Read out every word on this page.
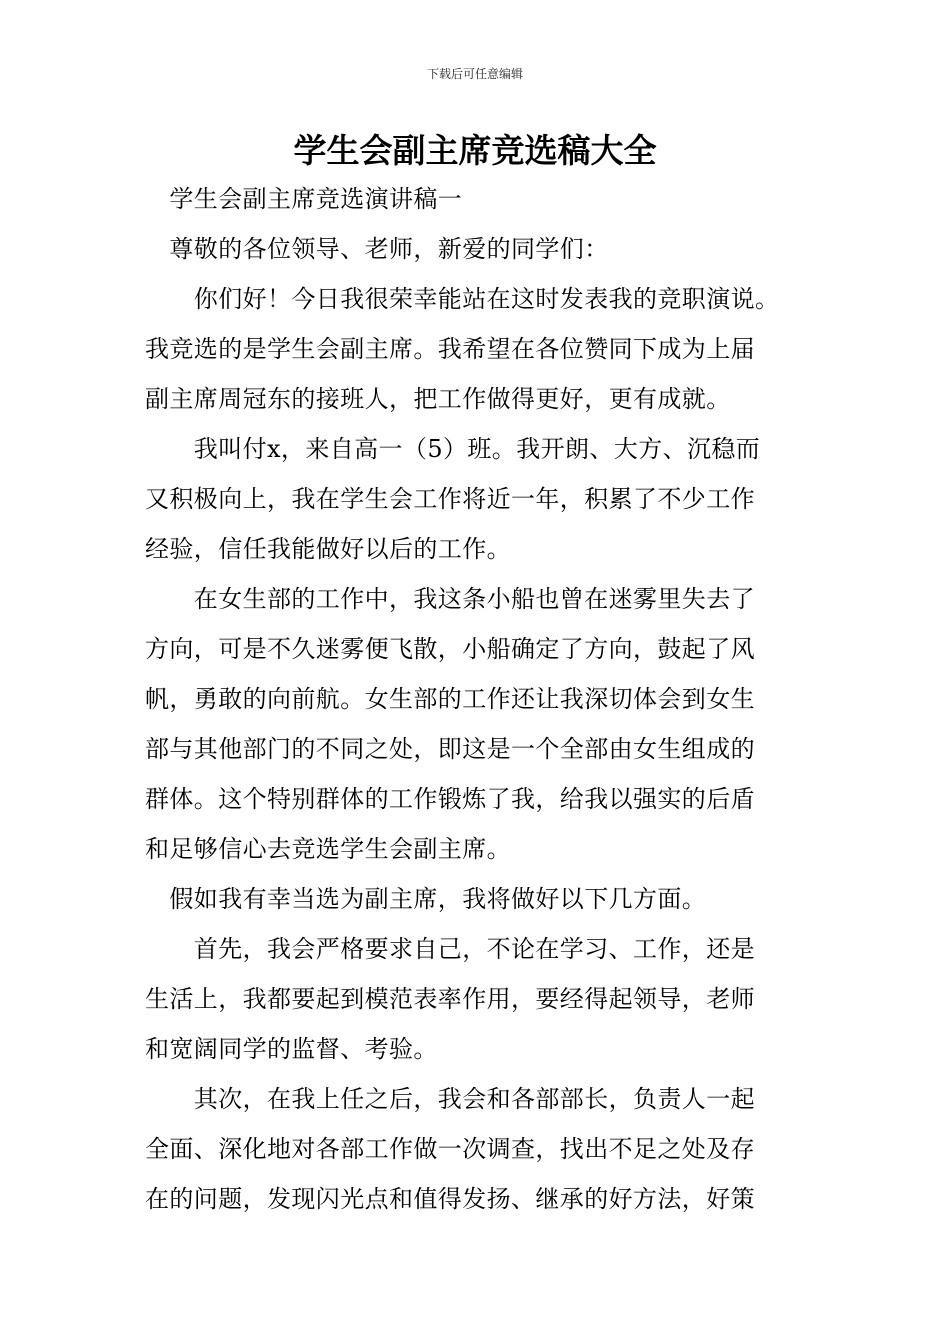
下载后可任意编辑
学生会副主席竞选稿大全
　学生会副主席竞选演讲稿一
　尊敬的各位领导、老师，新爱的同学们：
　　你们好！今日我很荣幸能站在这时发表我的竞职演说。
我竞选的是学生会副主席。我希望在各位赞同下成为上届
副主席周冠东的接班人，把工作做得更好，更有成就。
　　我叫付x，来自高一（5）班。我开朗、大方、沉稳而
又积极向上，我在学生会工作将近一年，积累了不少工作
经验，信任我能做好以后的工作。
　　在女生部的工作中，我这条小船也曾在迷雾里失去了
方向，可是不久迷雾便飞散，小船确定了方向，鼓起了风
帆，勇敢的向前航。女生部的工作还让我深切体会到女生
部与其他部门的不同之处，即这是一个全部由女生组成的
群体。这个特别群体的工作锻炼了我，给我以强实的后盾
和足够信心去竞选学生会副主席。
　假如我有幸当选为副主席，我将做好以下几方面。
　　首先，我会严格要求自己，不论在学习、工作，还是
生活上，我都要起到模范表率作用，要经得起领导，老师
和宽阔同学的监督、考验。
　　其次，在我上任之后，我会和各部部长，负责人一起
全面、深化地对各部工作做一次调查，找出不足之处及存
在的问题，发现闪光点和值得发扬、继承的好方法，好策
